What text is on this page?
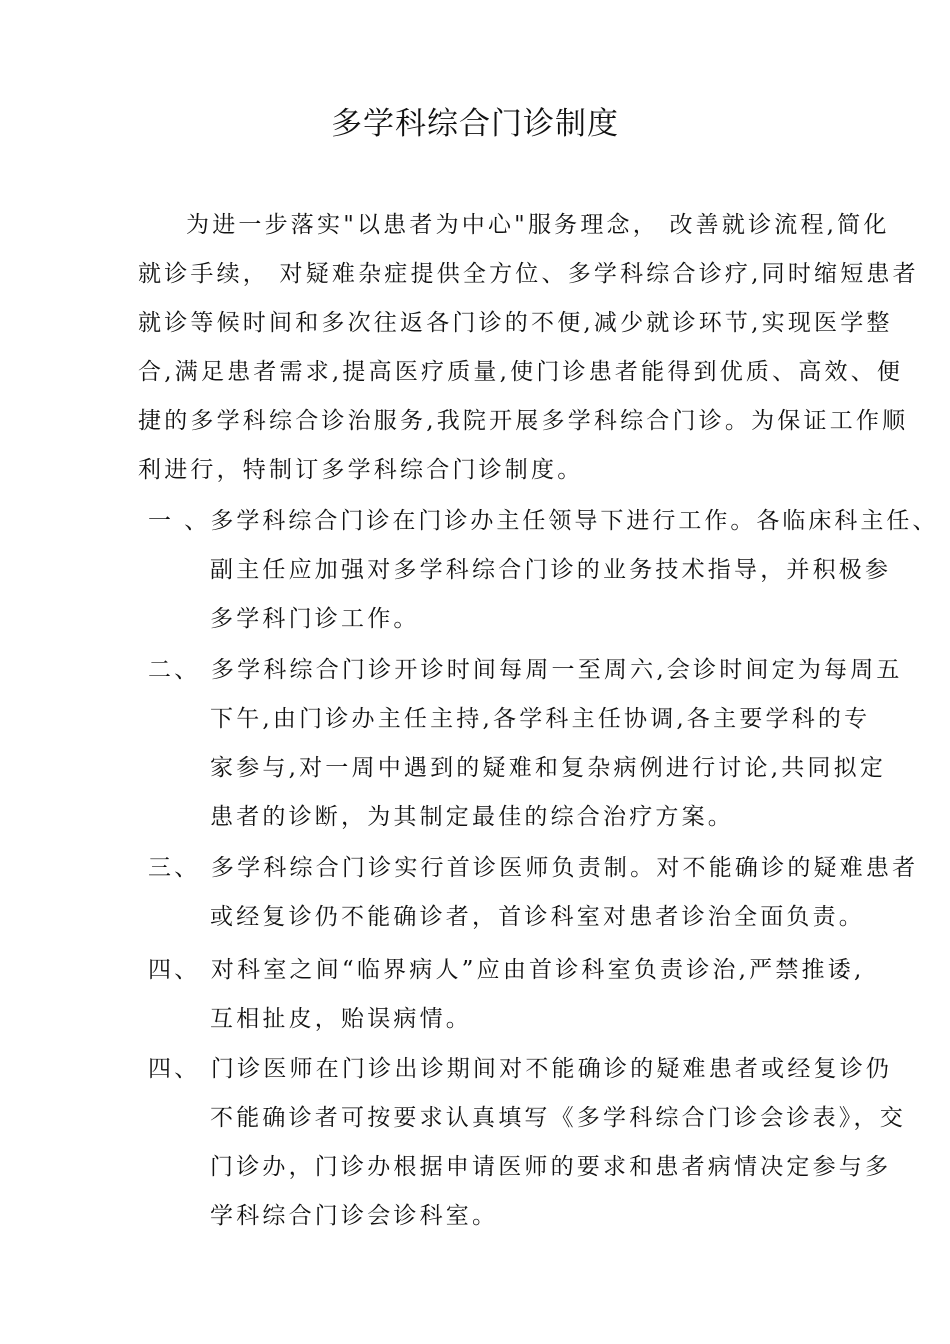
多学科综合门诊制度
为进一步落实"以患者为中心"服务理念， 改善就诊流程,简化
就诊手续， 对疑难杂症提供全方位、多学科综合诊疗,同时缩短患者
就诊等候时间和多次往返各门诊的不便,减少就诊环节,实现医学整
合,满足患者需求,提高医疗质量,使门诊患者能得到优质、高效、便
捷的多学科综合诊治服务,我院开展多学科综合门诊。为保证工作顺
利进行，特制订多学科综合门诊制度。
一 、多学科综合门诊在门诊办主任领导下进行工作。各临床科主任、
副主任应加强对多学科综合门诊的业务技术指导，并积极参
多学科门诊工作。
二、 多学科综合门诊开诊时间每周一至周六,会诊时间定为每周五
下午,由门诊办主任主持,各学科主任协调,各主要学科的专
家参与,对一周中遇到的疑难和复杂病例进行讨论,共同拟定
患者的诊断，为其制定最佳的综合治疗方案。
三、 多学科综合门诊实行首诊医师负责制。对不能确诊的疑难患者
或经复诊仍不能确诊者，首诊科室对患者诊治全面负责。
四、 对科室之间“临界病人”应由首诊科室负责诊治,严禁推诿,
互相扯皮，贻误病情。
四、 门诊医师在门诊出诊期间对不能确诊的疑难患者或经复诊仍
不能确诊者可按要求认真填写《多学科综合门诊会诊表》，交
门诊办，门诊办根据申请医师的要求和患者病情决定参与多
学科综合门诊会诊科室。
